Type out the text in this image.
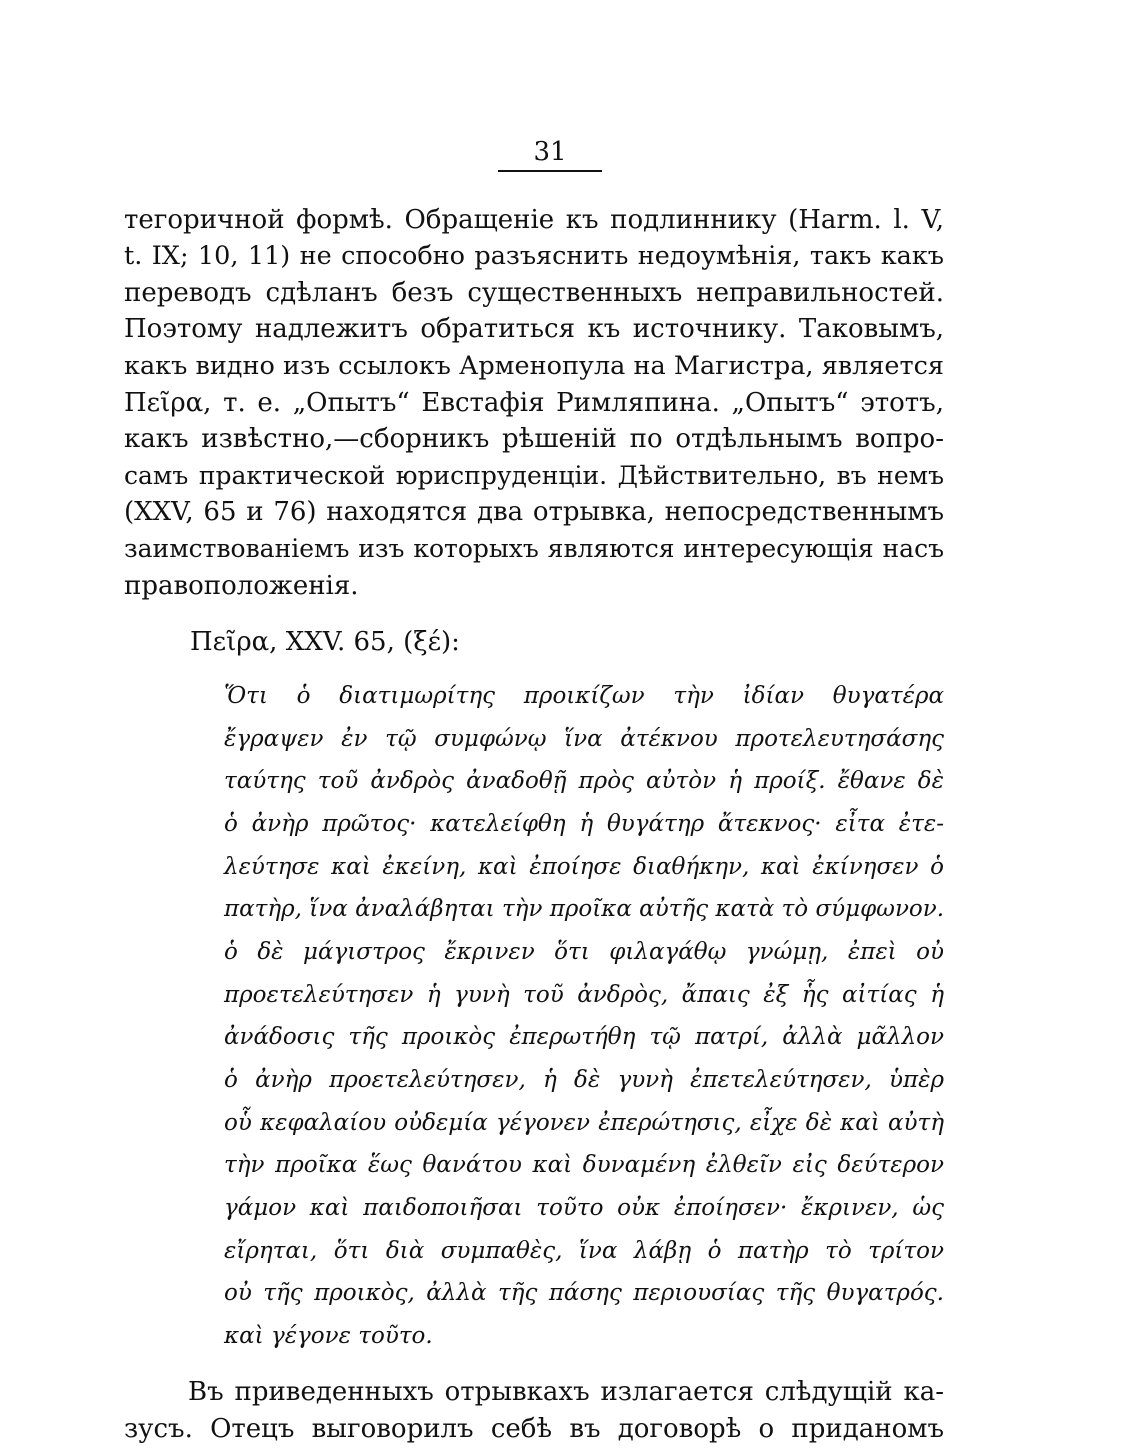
31
тегоричной формѣ. Обращеніе къ подлиннику (Harm. l. V,
t. IX; 10, 11) не способно разъяснить недоумѣнія, такъ какъ
переводъ сдѣланъ безъ существенныхъ неправильностей.
Поэтому надлежитъ обратиться къ источнику. Таковымъ,
какъ видно изъ ссылокъ Арменопула на Магистра, является
Πεῖρα, т. е. „Опытъ“ Евстафія Римляпина. „Опытъ“ этотъ,
какъ извѣстно,—сборникъ рѣшеній по отдѣльнымъ вопро-
самъ практической юриспруденціи. Дѣйствительно, въ немъ
(XXV, 65 и 76) находятся два отрывка, непосредственнымъ
заимствованіемъ изъ которыхъ являются интересующія насъ
правоположенія.
Πεῖρα, XXV. 65, (ξέ):
Ὅτι ὁ διατιμωρίτης προικίζων τὴν ἰδίαν θυγατέρα
ἔγραψεν ἐν τῷ συμφώνῳ ἵνα ἀτέκνου προτελευτησάσης
ταύτης τοῦ ἀνδρὸς ἀναδοθῇ πρὸς αὐτὸν ἡ προίξ. ἔθανε δὲ
ὁ ἀνὴρ πρῶτος· κατελείφθη ἡ θυγάτηρ ἄτεκνος· εἶτα ἐτε-
λεύτησε καὶ ἐκείνη, καὶ ἐποίησε διαθήκην, καὶ ἐκίνησεν ὁ
πατὴρ, ἵνα ἀναλάβηται τὴν προῖκα αὐτῆς κατὰ τὸ σύμφωνον.
ὁ δὲ μάγιστρος ἔκρινεν ὅτι φιλαγάθῳ γνώμῃ, ἐπεὶ οὐ
προετελεύτησεν ἡ γυνὴ τοῦ ἀνδρὸς, ἄπαις ἐξ ἧς αἰτίας ἡ
ἀνάδοσις τῆς προικὸς ἐπερωτήθη τῷ πατρί, ἀλλὰ μᾶλλον
ὁ ἀνὴρ προετελεύτησεν, ἡ δὲ γυνὴ ἐπετελεύτησεν, ὑπὲρ
οὗ κεφαλαίου οὐδεμία γέγονεν ἐπερώτησις, εἶχε δὲ καὶ αὐτὴ
τὴν προῖκα ἕως θανάτου καὶ δυναμένη ἐλθεῖν εἰς δεύτερον
γάμον καὶ παιδοποιῆσαι τοῦτο οὐκ ἐποίησεν· ἔκρινεν, ὡς
εἴρηται, ὅτι διὰ συμπαθὲς, ἵνα λάβῃ ὁ πατὴρ τὸ τρίτον
οὐ τῆς προικὸς, ἀλλὰ τῆς πάσης περιουσίας τῆς θυγατρός.
καὶ γέγονε τοῦτο.
Въ приведенныхъ отрывкахъ излагается слѣдущій ка-
зусъ. Отецъ выговорилъ себѣ въ договорѣ о приданомъ
